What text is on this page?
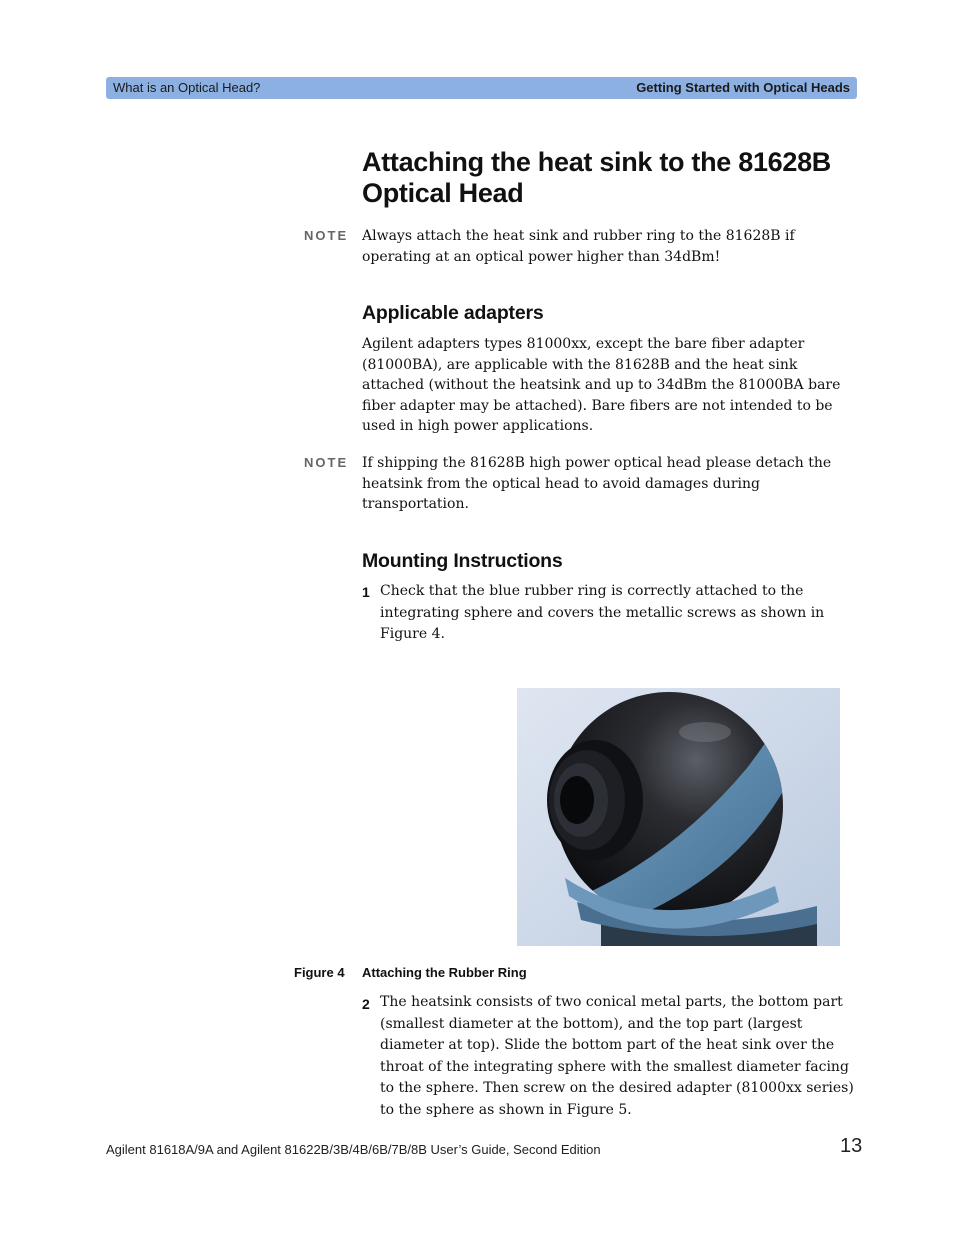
What is an Optical Head?	Getting Started with Optical Heads
Attaching the heat sink to the 81628B Optical Head
NOTE Always attach the heat sink and rubber ring to the 81628B if operating at an optical power higher than 34dBm!
Applicable adapters
Agilent adapters types 81000xx, except the bare fiber adapter (81000BA), are applicable with the 81628B and the heat sink attached (without the heatsink and up to 34dBm the 81000BA bare fiber adapter may be attached). Bare fibers are not intended to be used in high power applications.
NOTE If shipping the 81628B high power optical head please detach the heatsink from the optical head to avoid damages during transportation.
Mounting Instructions
1 Check that the blue rubber ring is correctly attached to the integrating sphere and covers the metallic screws as shown in Figure 4.
Figure 4 Attaching the Rubber Ring
2 The heatsink consists of two conical metal parts, the bottom part (smallest diameter at the bottom), and the top part (largest diameter at top). Slide the bottom part of the heat sink over the throat of the integrating sphere with the smallest diameter facing to the sphere. Then screw on the desired adapter (81000xx series) to the sphere as shown in Figure 5.
Agilent 81618A/9A and Agilent 81622B/3B/4B/6B/7B/8B User’s Guide, Second Edition	13
